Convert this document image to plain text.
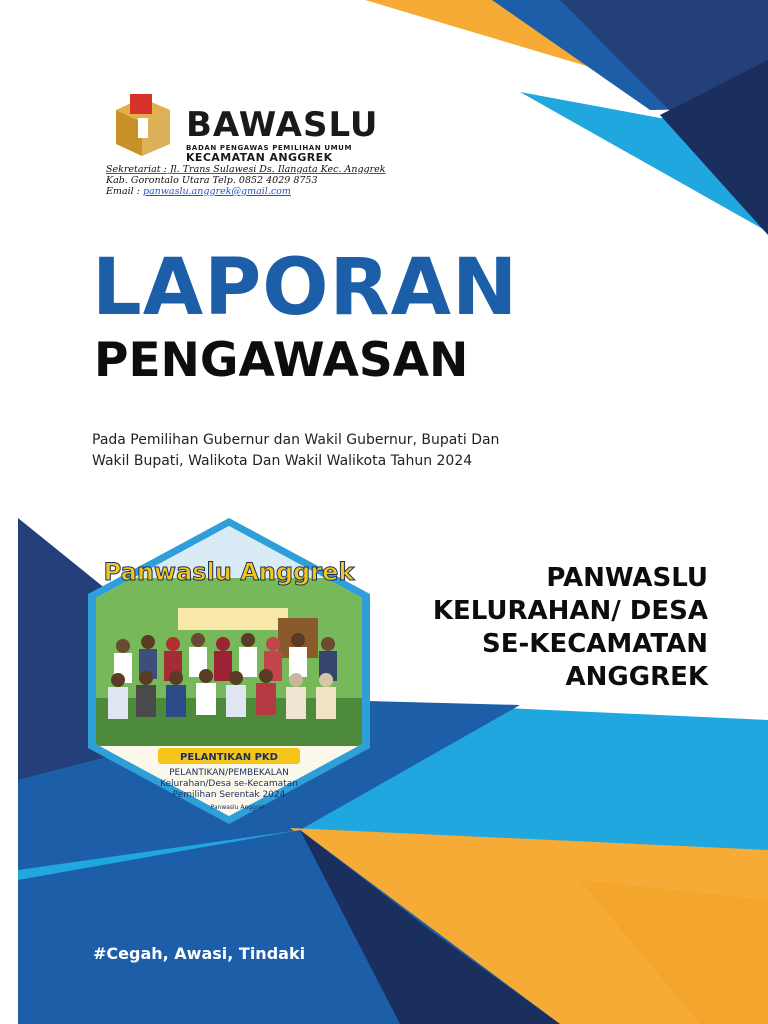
BAWASLU
BADAN PENGAWAS PEMILIHAN UMUM
KECAMATAN ANGGREK
Sekretariat : Jl. Trans Sulawesi Ds. Ilangata Kec. Anggrek
Kab. Gorontalo Utara Telp. 0852 4029 8753
Email : panwaslu.anggrek@gmail.com
LAPORAN
PENGAWASAN
Pada Pemilihan Gubernur dan Wakil Gubernur, Bupati Dan
Wakil Bupati, Walikota Dan Wakil Walikota Tahun 2024
Panwaslu Anggrek
PELANTIKAN PKD
PELANTIKAN/PEMBEKALAN
Kelurahan/Desa se-Kecamatan
Pemilihan Serentak 2024
Panwaslu Anggrek
PANWASLU
KELURAHAN/ DESA
SE-KECAMATAN
ANGGREK
#Cegah, Awasi, Tindaki
